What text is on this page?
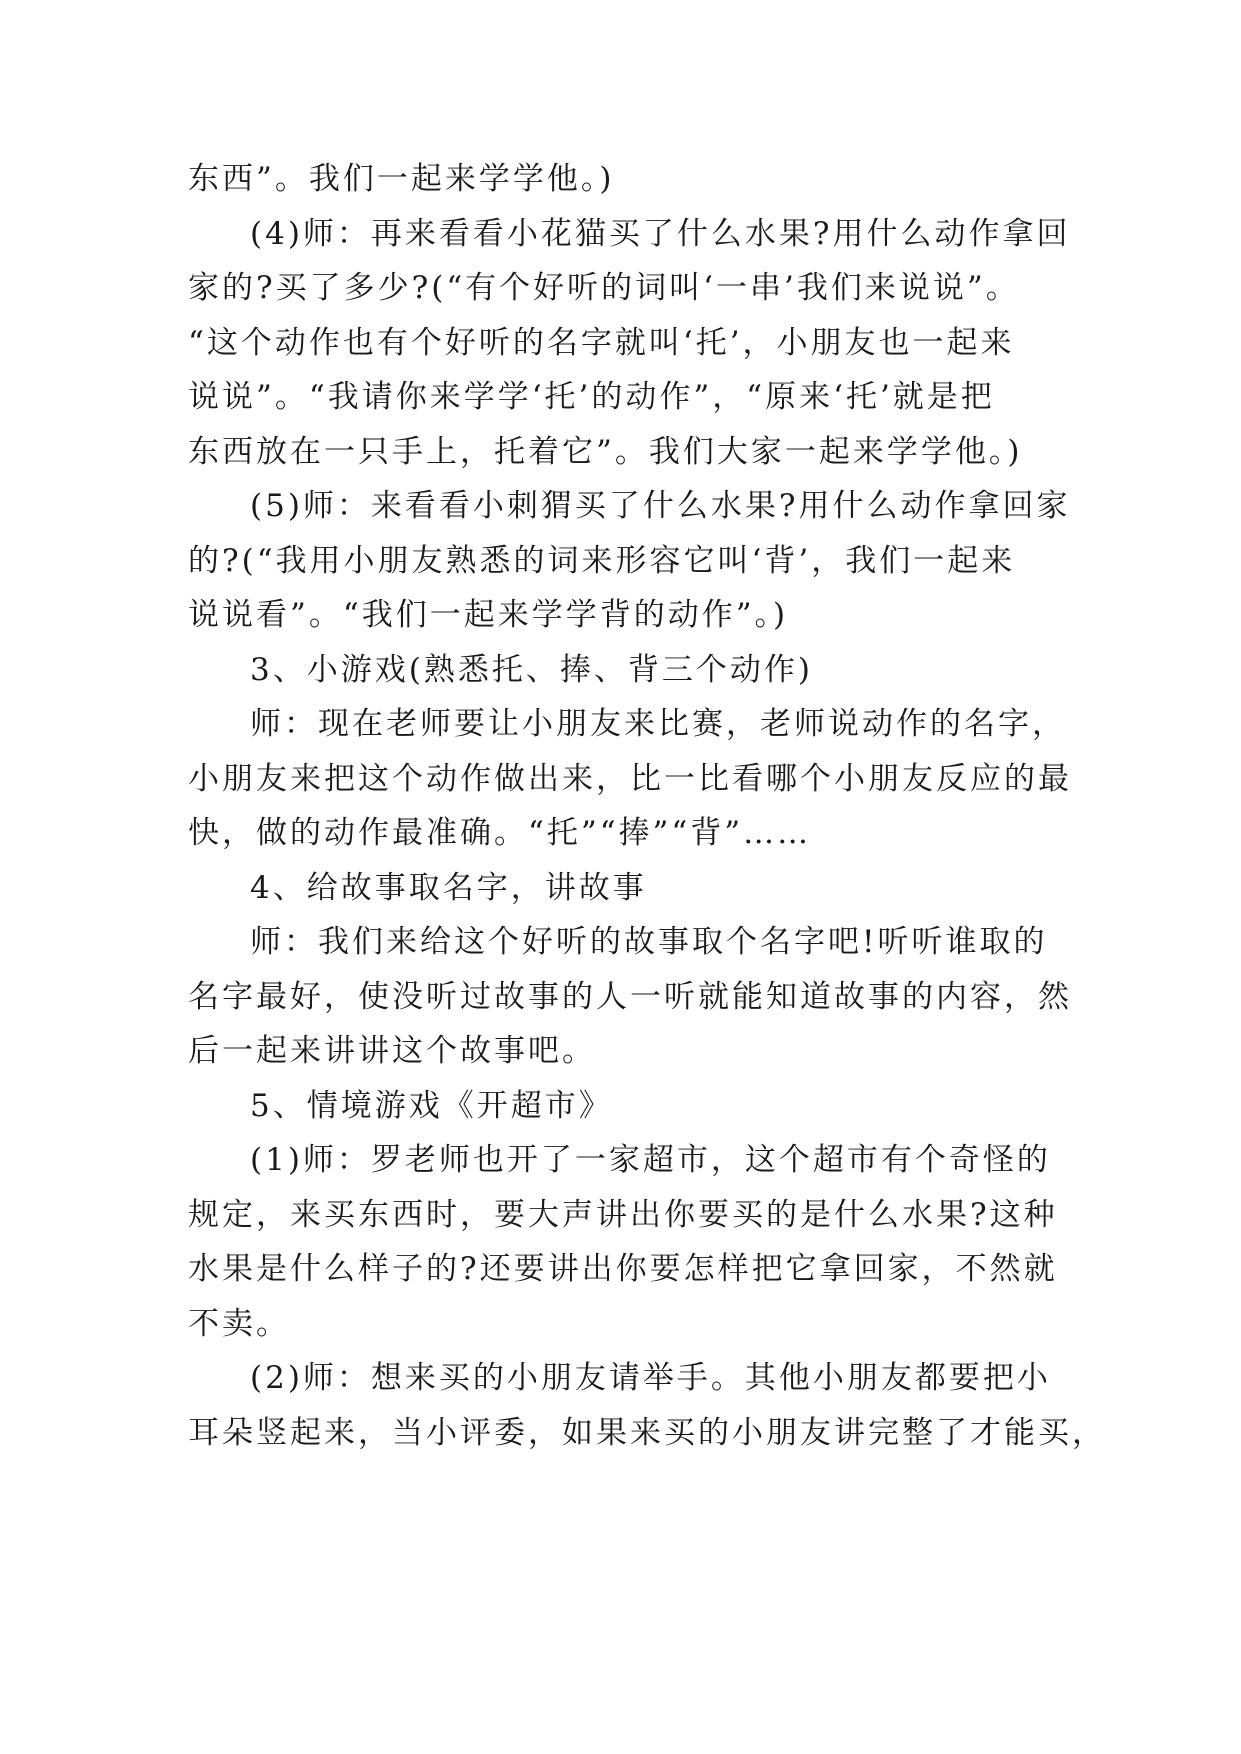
东西”。我们一起来学学他。)
(4)师：再来看看小花猫买了什么水果?用什么动作拿回
家的?买了多少?(“有个好听的词叫‘一串’我们来说说”。
“这个动作也有个好听的名字就叫‘托’，小朋友也一起来
说说”。“我请你来学学‘托’的动作”，“原来‘托’就是把
东西放在一只手上，托着它”。我们大家一起来学学他。)
(5)师：来看看小刺猬买了什么水果?用什么动作拿回家
的?(“我用小朋友熟悉的词来形容它叫‘背’，我们一起来
说说看”。“我们一起来学学背的动作”。)
3、小游戏(熟悉托、捧、背三个动作)
师：现在老师要让小朋友来比赛，老师说动作的名字，
小朋友来把这个动作做出来，比一比看哪个小朋友反应的最
快，做的动作最准确。“托”“捧”“背”……
4、给故事取名字，讲故事
师：我们来给这个好听的故事取个名字吧!听听谁取的
名字最好，使没听过故事的人一听就能知道故事的内容，然
后一起来讲讲这个故事吧。
5、情境游戏《开超市》
(1)师：罗老师也开了一家超市，这个超市有个奇怪的
规定，来买东西时，要大声讲出你要买的是什么水果?这种
水果是什么样子的?还要讲出你要怎样把它拿回家，不然就
不卖。
(2)师：想来买的小朋友请举手。其他小朋友都要把小
耳朵竖起来，当小评委，如果来买的小朋友讲完整了才能买，
